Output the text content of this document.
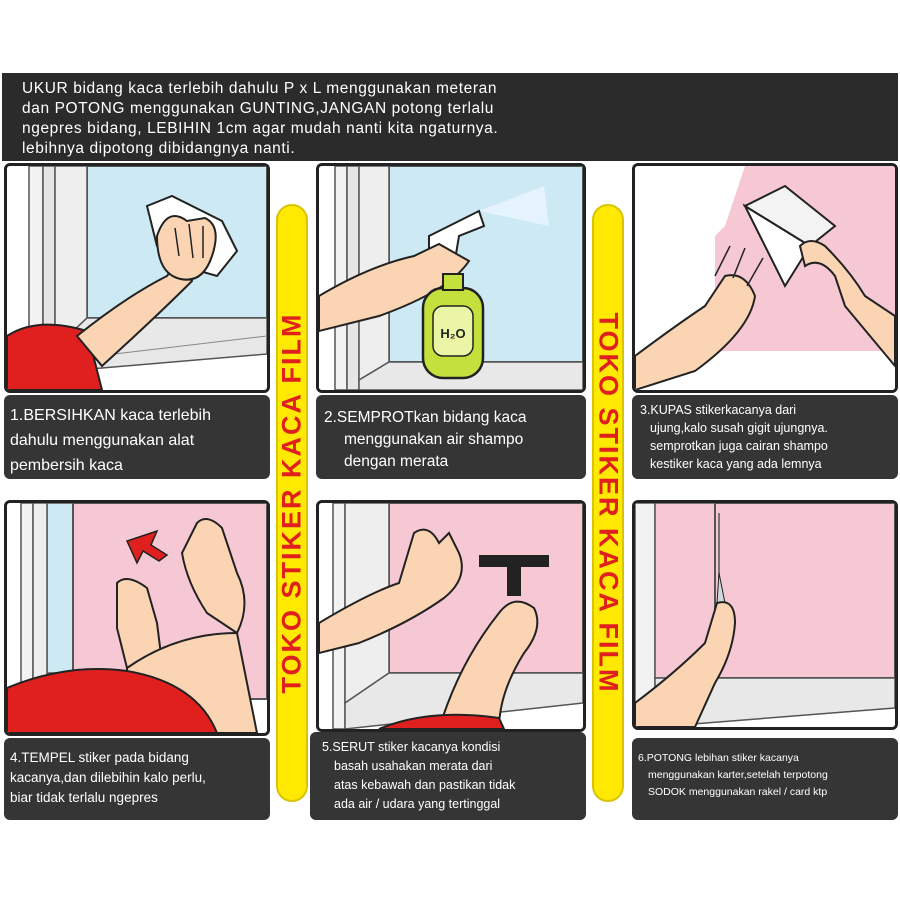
UKUR bidang kaca terlebih dahulu P x L menggunakan meteran

dan POTONG menggunakan GUNTING,JANGAN potong terlalu

ngepres bidang, LEBIHIN 1cm agar mudah nanti kita ngaturnya.

lebihnya dipotong dibidangnya nanti.

1.BERSIHKAN kaca terlebih

dahulu menggunakan alat

pembersih kaca

H₂O

2.SEMPROTkan bidang kaca

menggunakan air shampo

dengan merata

3.KUPAS stikerkacanya dari

ujung,kalo susah gigit ujungnya.

semprotkan juga cairan shampo

kestiker kaca yang ada lemnya

4.TEMPEL stiker pada bidang

kacanya,dan dilebihin kalo perlu,

biar tidak terlalu ngepres

5.SERUT stiker kacanya kondisi

basah usahakan merata dari

atas kebawah dan pastikan tidak

ada air / udara yang tertinggal

6.POTONG lebihan stiker kacanya

menggunakan karter,setelah terpotong

SODOK menggunakan rakel / card ktp

TOKO STIKER KACA FILM	TOKO STIKER KACA FILM
